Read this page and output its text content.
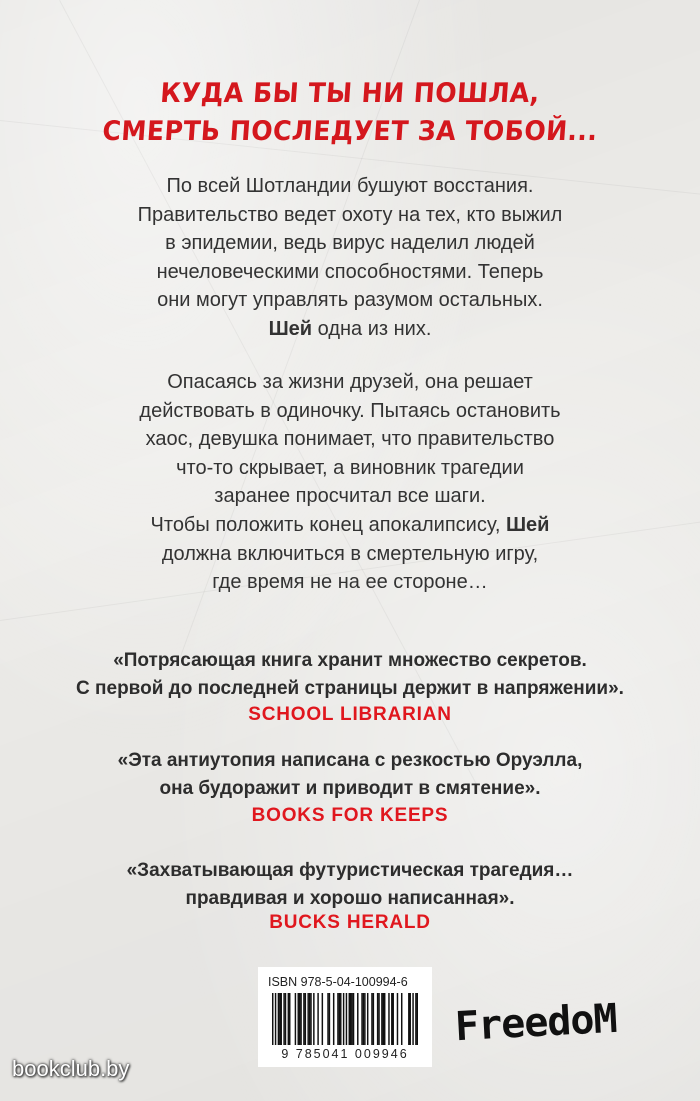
КУДА БЫ ТЫ НИ ПОШЛА,
СМЕРТЬ ПОСЛЕДУЕТ ЗА ТОБОЙ...
По всей Шотландии бушуют восстания.
Правительство ведет охоту на тех, кто выжил
в эпидемии, ведь вирус наделил людей
нечеловеческими способностями. Теперь
они могут управлять разумом остальных.
Шей одна из них.
Опасаясь за жизни друзей, она решает
действовать в одиночку. Пытаясь остановить
хаос, девушка понимает, что правительство
что-то скрывает, а виновник трагедии
заранее просчитал все шаги.
Чтобы положить конец апокалипсису, Шей
должна включиться в смертельную игру,
где время не на ее стороне…
«Потрясающая книга хранит множество секретов.
С первой до последней страницы держит в напряжении».
SCHOOL LIBRARIAN
«Эта антиутопия написана с резкостью Оруэлла,
она будоражит и приводит в смятение».
BOOKS FOR KEEPS
«Захватывающая футуристическая трагедия…
правдивая и хорошо написанная».
BUCKS HERALD
ISBN 978-5-04-100994-6
9 785041 009946
FreedoM
bookclub.by
